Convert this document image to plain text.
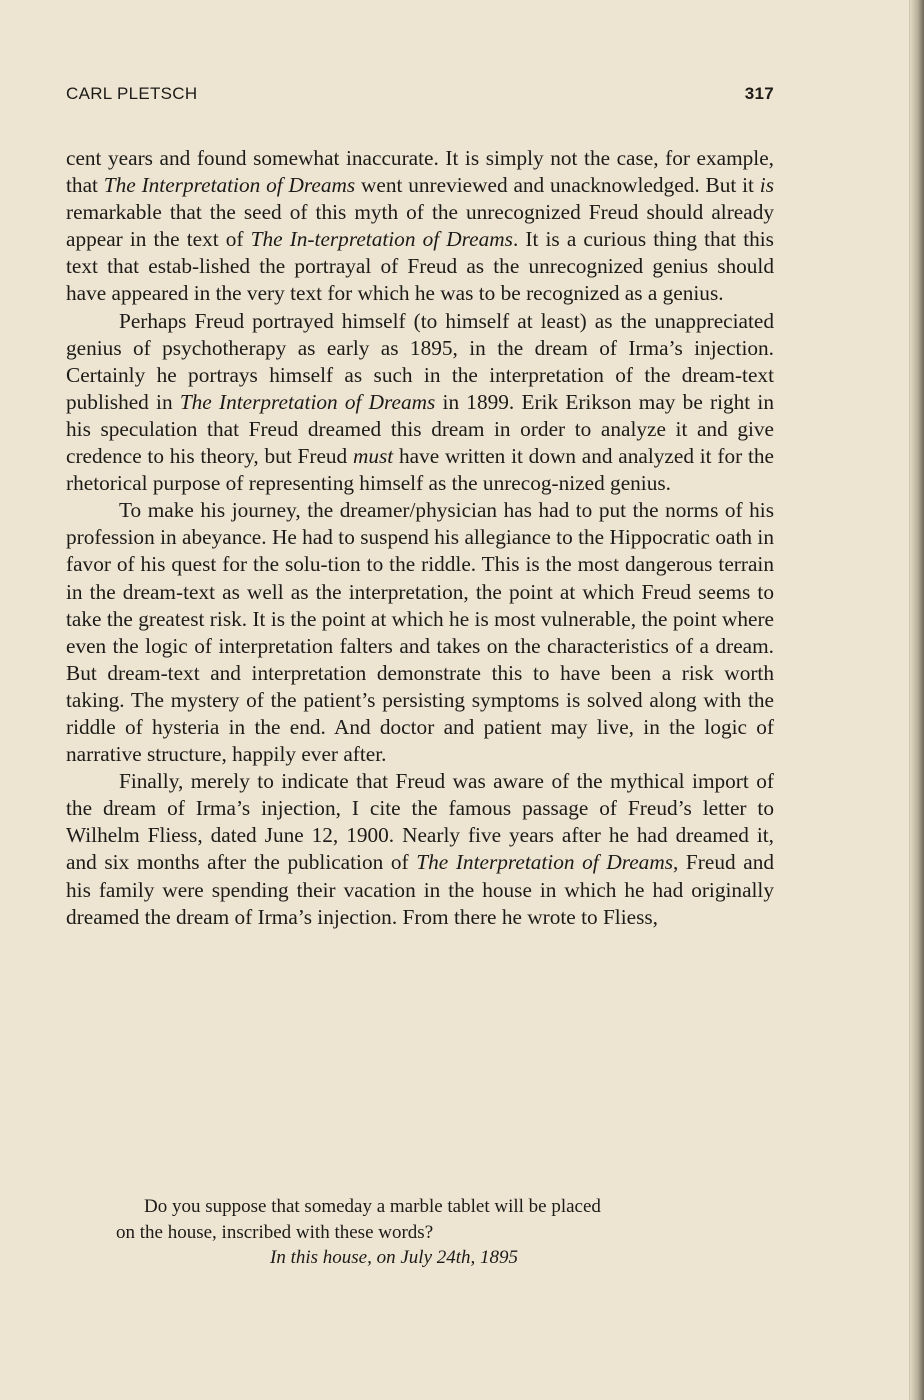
CARL PLETSCH	317

cent years and found somewhat inaccurate. It is simply not the case, for example, that The Interpretation of Dreams went unreviewed and unacknowledged. But it is remarkable that the seed of this myth of the unrecognized Freud should already appear in the text of The In-terpretation of Dreams. It is a curious thing that this text that estab-lished the portrayal of Freud as the unrecognized genius should have appeared in the very text for which he was to be recognized as a genius.

Perhaps Freud portrayed himself (to himself at least) as the unappreciated genius of psychotherapy as early as 1895, in the dream of Irma’s injection. Certainly he portrays himself as such in the interpretation of the dream-text published in The Interpretation of Dreams in 1899. Erik Erikson may be right in his speculation that Freud dreamed this dream in order to analyze it and give credence to his theory, but Freud must have written it down and analyzed it for the rhetorical purpose of representing himself as the unrecog-nized genius.

To make his journey, the dreamer/physician has had to put the norms of his profession in abeyance. He had to suspend his allegiance to the Hippocratic oath in favor of his quest for the solu-tion to the riddle. This is the most dangerous terrain in the dream-text as well as the interpretation, the point at which Freud seems to take the greatest risk. It is the point at which he is most vulnerable, the point where even the logic of interpretation falters and takes on the characteristics of a dream. But dream-text and interpretation demonstrate this to have been a risk worth taking. The mystery of the patient’s persisting symptoms is solved along with the riddle of hysteria in the end. And doctor and patient may live, in the logic of narrative structure, happily ever after.

Finally, merely to indicate that Freud was aware of the mythical import of the dream of Irma’s injection, I cite the famous passage of Freud’s letter to Wilhelm Fliess, dated June 12, 1900. Nearly five years after he had dreamed it, and six months after the publication of The Interpretation of Dreams, Freud and his family were spending their vacation in the house in which he had originally dreamed the dream of Irma’s injection. From there he wrote to Fliess,

Do you suppose that someday a marble tablet will be placed
on the house, inscribed with these words?
In this house, on July 24th, 1895
